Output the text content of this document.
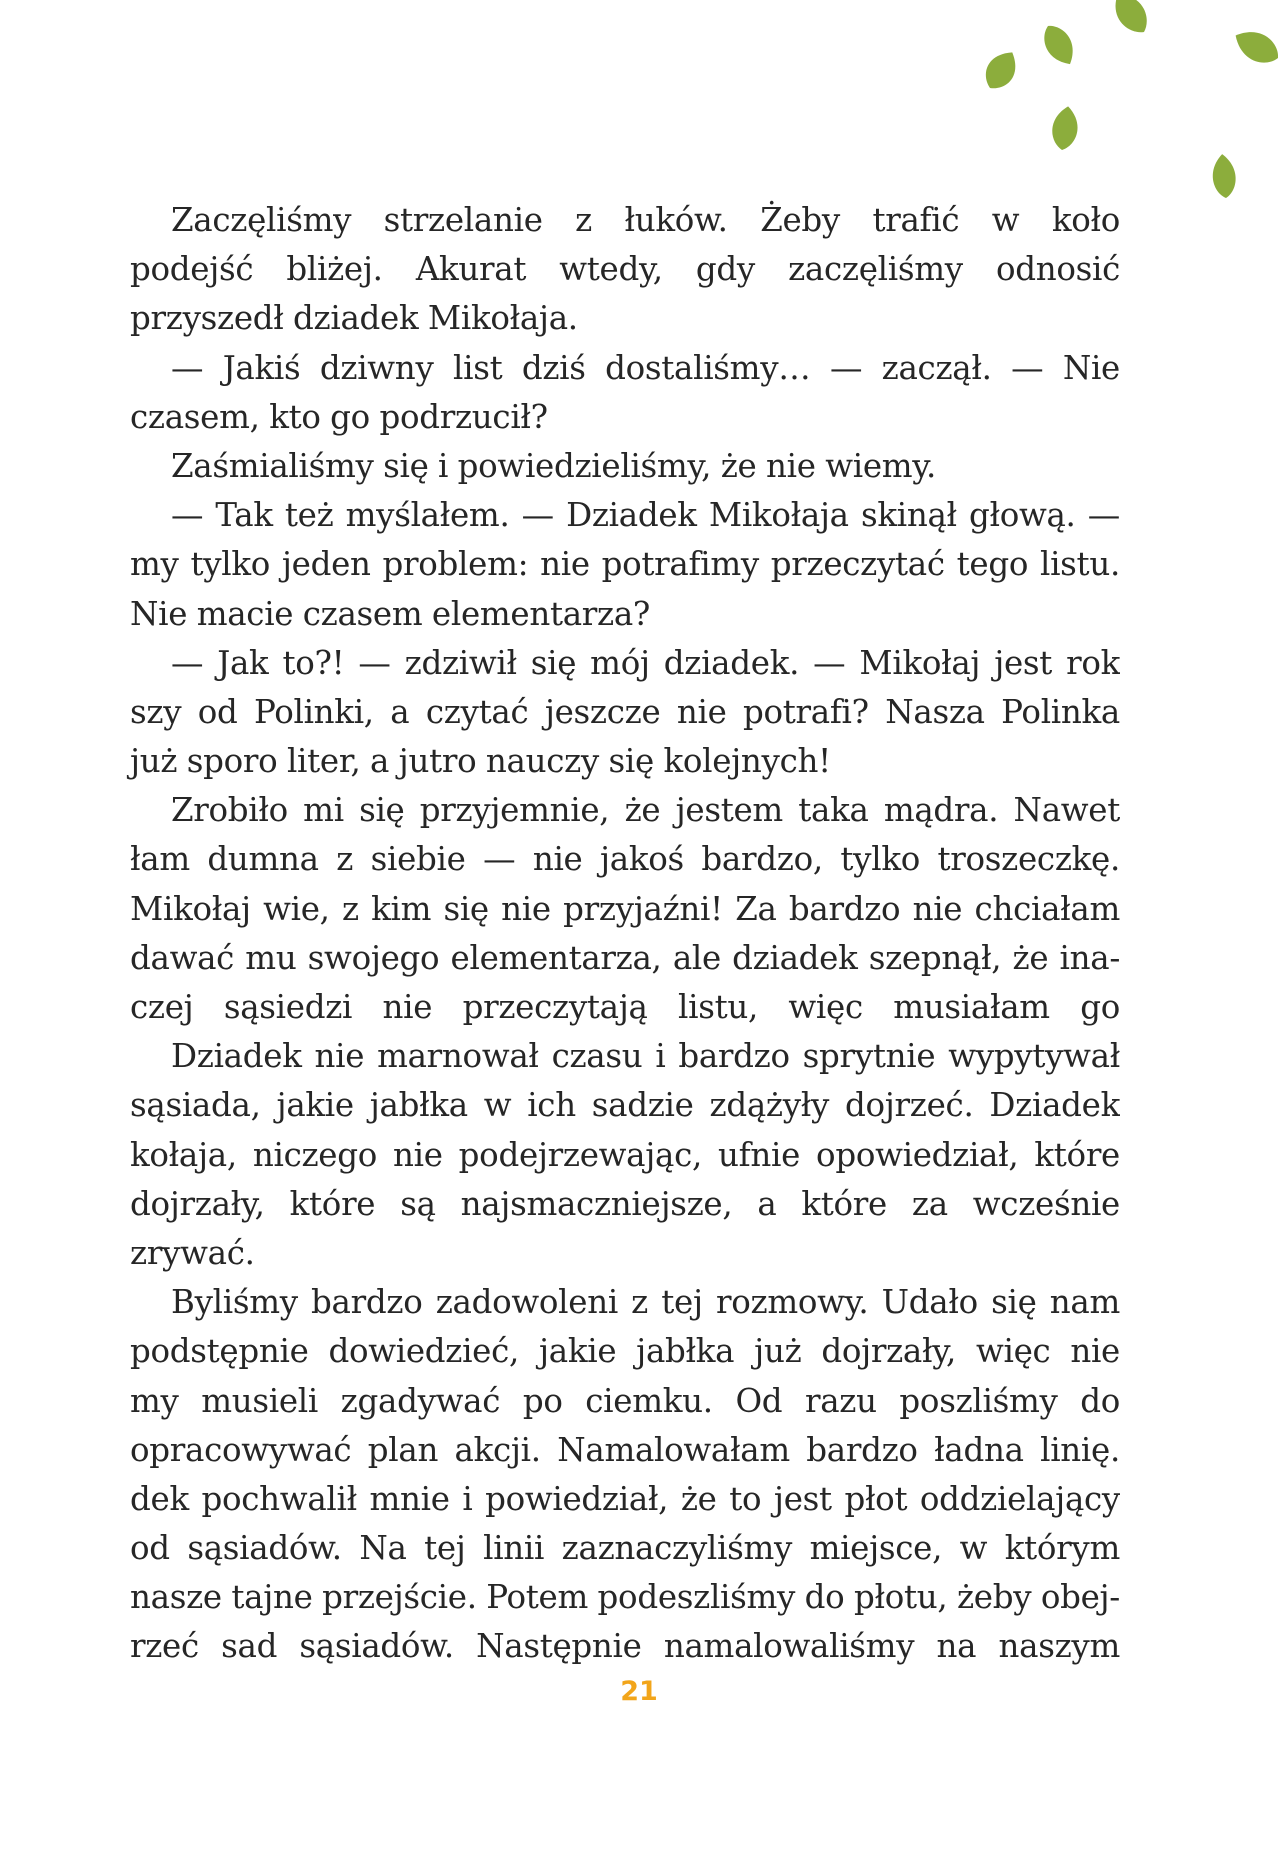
Zaczęliśmy strzelanie z łuków. Żeby trafić w koło
podejść bliżej. Akurat wtedy, gdy zaczęliśmy odnosić
przyszedł dziadek Mikołaja.
— Jakiś dziwny list dziś dostaliśmy… — zaczął. — Nie
czasem, kto go podrzucił?
Zaśmialiśmy się i powiedzieliśmy, że nie wiemy.
— Tak też myślałem. — Dziadek Mikołaja skinął głową. —
my tylko jeden problem: nie potrafimy przeczytać tego listu.
Nie macie czasem elementarza?
— Jak to?! — zdziwił się mój dziadek. — Mikołaj jest rok
szy od Polinki, a czytać jeszcze nie potrafi? Nasza Polinka
już sporo liter, a jutro nauczy się kolejnych!
Zrobiło mi się przyjemnie, że jestem taka mądra. Nawet
łam dumna z siebie — nie jakoś bardzo, tylko troszeczkę.
Mikołaj wie, z kim się nie przyjaźni! Za bardzo nie chciałam
dawać mu swojego elementarza, ale dziadek szepnął, że ina-
czej sąsiedzi nie przeczytają listu, więc musiałam go
Dziadek nie marnował czasu i bardzo sprytnie wypytywał
sąsiada, jakie jabłka w ich sadzie zdążyły dojrzeć. Dziadek
kołaja, niczego nie podejrzewając, ufnie opowiedział, które
dojrzały, które są najsmaczniejsze, a które za wcześnie
zrywać.
Byliśmy bardzo zadowoleni z tej rozmowy. Udało się nam
podstępnie dowiedzieć, jakie jabłka już dojrzały, więc nie
my musieli zgadywać po ciemku. Od razu poszliśmy do
opracowywać plan akcji. Namalowałam bardzo ładna linię.
dek pochwalił mnie i powiedział, że to jest płot oddzielający
od sąsiadów. Na tej linii zaznaczyliśmy miejsce, w którym
nasze tajne przejście. Potem podeszliśmy do płotu, żeby obej-
rzeć sad sąsiadów. Następnie namalowaliśmy na naszym
21
